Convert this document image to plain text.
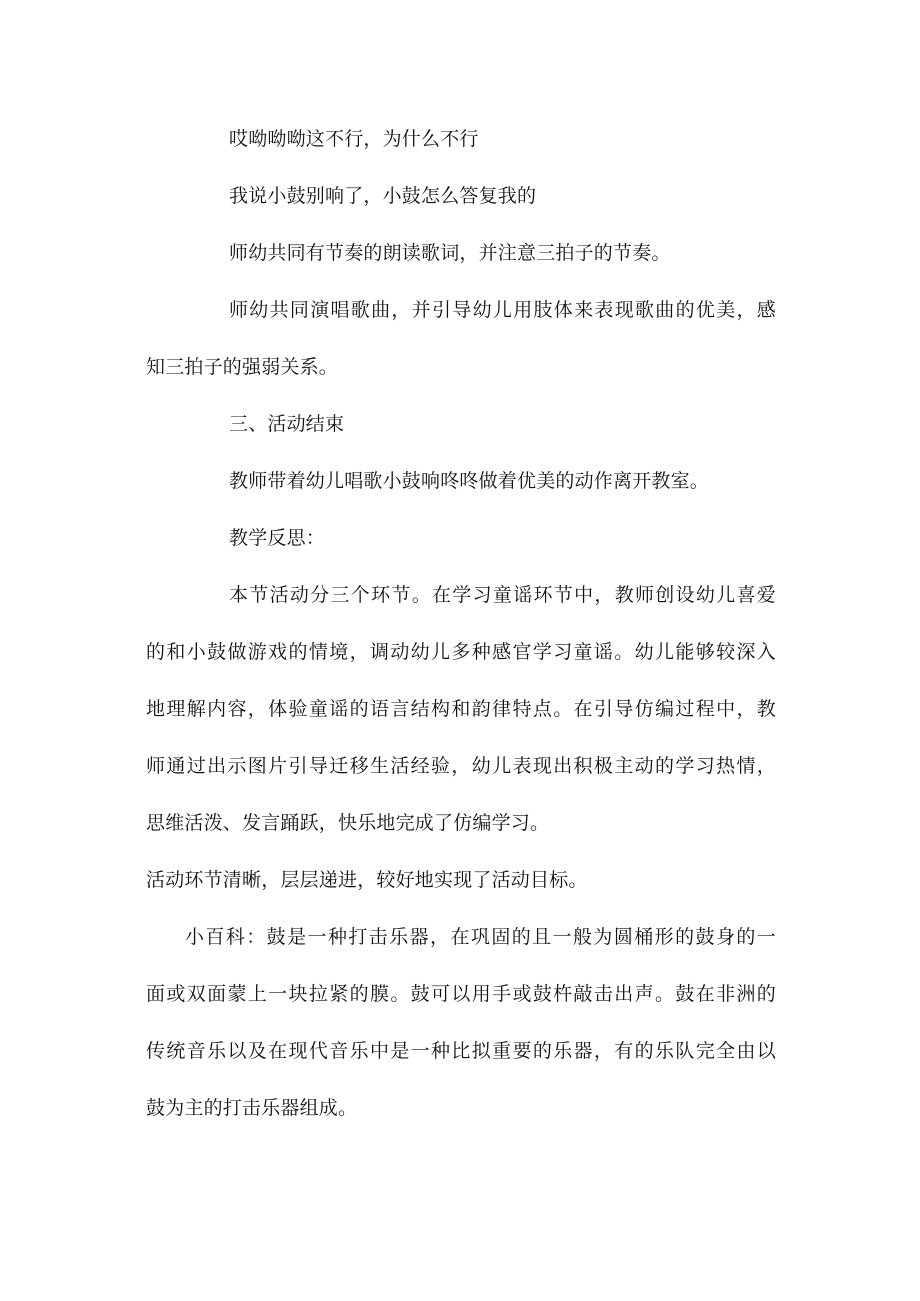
哎呦呦呦这不行，为什么不行
我说小鼓别响了，小鼓怎么答复我的
师幼共同有节奏的朗读歌词，并注意三拍子的节奏。
师幼共同演唱歌曲，并引导幼儿用肢体来表现歌曲的优美，感
知三拍子的强弱关系。
三、活动结束
教师带着幼儿唱歌小鼓响咚咚做着优美的动作离开教室。
教学反思：
本节活动分三个环节。在学习童谣环节中，教师创设幼儿喜爱
的和小鼓做游戏的情境，调动幼儿多种感官学习童谣。幼儿能够较深入
地理解内容，体验童谣的语言结构和韵律特点。在引导仿编过程中，教
师通过出示图片引导迁移生活经验，幼儿表现出积极主动的学习热情，
思维活泼、发言踊跃，快乐地完成了仿编学习。
活动环节清晰，层层递进，较好地实现了活动目标。
小百科：鼓是一种打击乐器，在巩固的且一般为圆桶形的鼓身的一
面或双面蒙上一块拉紧的膜。鼓可以用手或鼓杵敲击出声。鼓在非洲的
传统音乐以及在现代音乐中是一种比拟重要的乐器，有的乐队完全由以
鼓为主的打击乐器组成。
